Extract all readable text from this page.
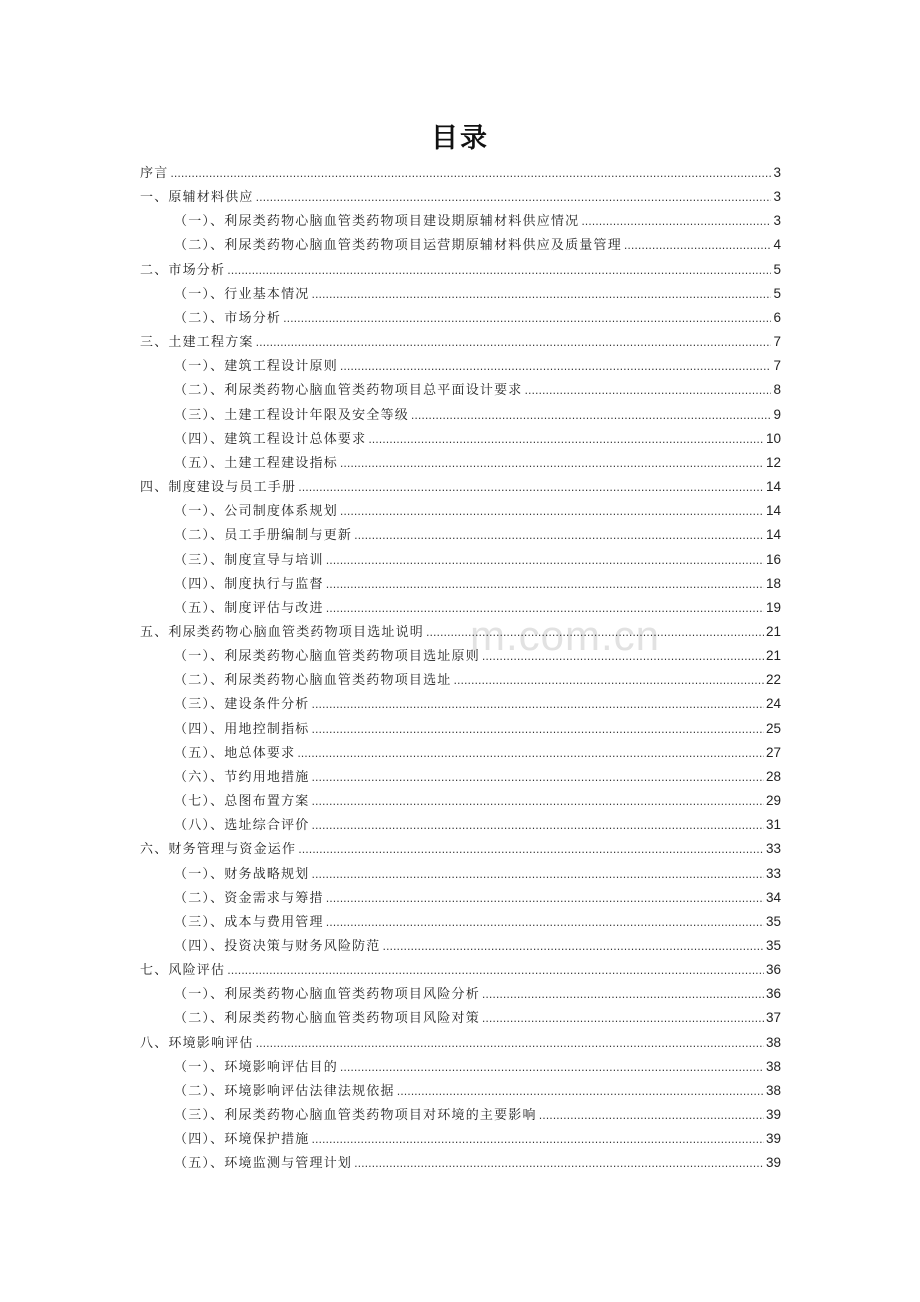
目录
m.com.cn
序言 .....	3
一、原辅材料供应 .....	3
（一）、利尿类药物心脑血管类药物项目建设期原辅材料供应情况 .....	3
（二）、利尿类药物心脑血管类药物项目运营期原辅材料供应及质量管理 .....	4
二、市场分析 .....	5
（一）、行业基本情况 .....	5
（二）、市场分析 .....	6
三、土建工程方案 .....	7
（一）、建筑工程设计原则 .....	7
（二）、利尿类药物心脑血管类药物项目总平面设计要求 .....	8
（三）、土建工程设计年限及安全等级 .....	9
（四）、建筑工程设计总体要求 .....	10
（五）、土建工程建设指标 .....	12
四、制度建设与员工手册 .....	14
（一）、公司制度体系规划 .....	14
（二）、员工手册编制与更新 .....	14
（三）、制度宣导与培训 .....	16
（四）、制度执行与监督 .....	18
（五）、制度评估与改进 .....	19
五、利尿类药物心脑血管类药物项目选址说明 .....	21
（一）、利尿类药物心脑血管类药物项目选址原则 .....	21
（二）、利尿类药物心脑血管类药物项目选址 .....	22
（三）、建设条件分析 .....	24
（四）、用地控制指标 .....	25
（五）、地总体要求 .....	27
（六）、节约用地措施 .....	28
（七）、总图布置方案 .....	29
（八）、选址综合评价 .....	31
六、财务管理与资金运作 .....	33
（一）、财务战略规划 .....	33
（二）、资金需求与筹措 .....	34
（三）、成本与费用管理 .....	35
（四）、投资决策与财务风险防范 .....	35
七、风险评估 .....	36
（一）、利尿类药物心脑血管类药物项目风险分析 .....	36
（二）、利尿类药物心脑血管类药物项目风险对策 .....	37
八、环境影响评估 .....	38
（一）、环境影响评估目的 .....	38
（二）、环境影响评估法律法规依据 .....	38
（三）、利尿类药物心脑血管类药物项目对环境的主要影响 .....	39
（四）、环境保护措施 .....	39
（五）、环境监测与管理计划 .....	39
